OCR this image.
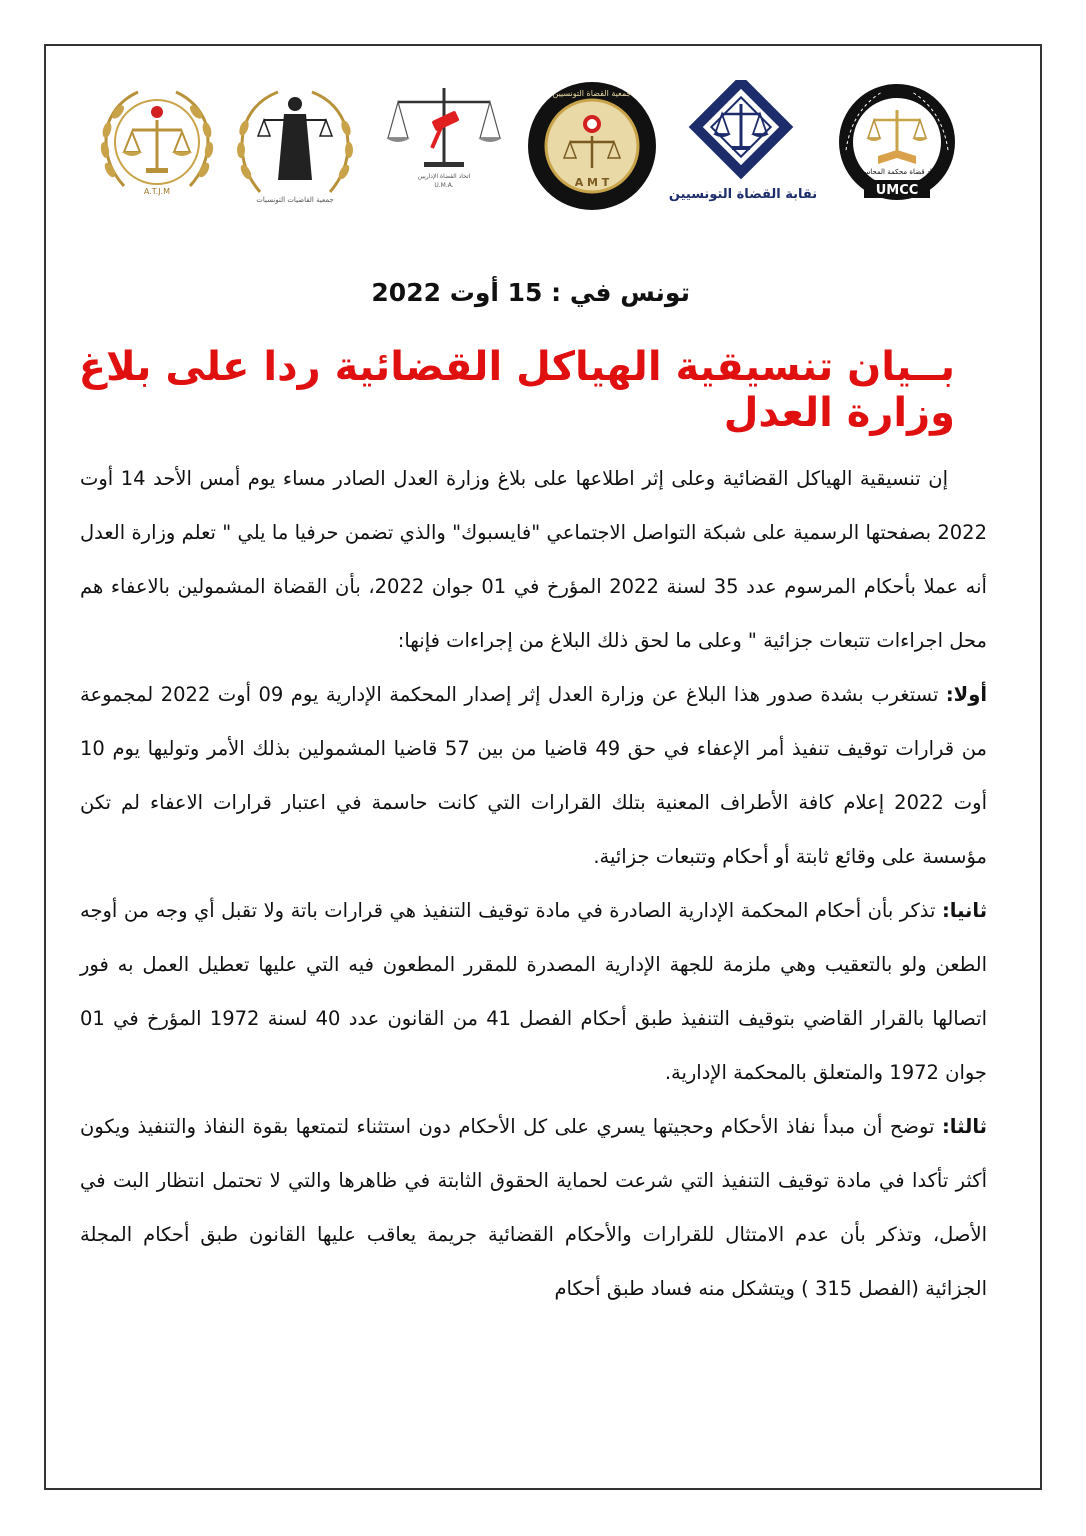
A.T.J.M
جمعية القاضيات التونسيات
اتحاد القضاة الإداريين
U.M.A.
جمعية القضاة التونسيين
A M T
نقابة القضاة التونسيين
اتحاد قضاة محكمة المحاسبات
UMCC
تونس في : 15 أوت 2022
بــيان تنسيقية الهياكل القضائية ردا على بلاغ وزارة العدل

  إن تنسيقية الهياكل القضائية وعلى إثر اطلاعها على بلاغ وزارة العدل الصادر مساء يوم أمس الأحد 14 أوت 2022 بصفحتها الرسمية على شبكة التواصل الاجتماعي "فايسبوك" والذي تضمن حرفيا ما يلي " تعلم وزارة العدل أنه عملا بأحكام المرسوم عدد 35 لسنة 2022 المؤرخ في 01 جوان 2022، بأن القضاة المشمولين بالاعفاء هم محل اجراءات تتبعات جزائية " وعلى ما لحق ذلك البلاغ من إجراءات فإنها:

أولا: تستغرب بشدة صدور هذا البلاغ عن وزارة العدل إثر إصدار المحكمة الإدارية يوم 09 أوت 2022 لمجموعة من قرارات توقيف تنفيذ أمر الإعفاء في حق 49 قاضيا من بين 57 قاضيا المشمولين بذلك الأمر وتوليها يوم 10 أوت 2022 إعلام كافة الأطراف المعنية بتلك القرارات التي كانت حاسمة في اعتبار قرارات الاعفاء لم تكن مؤسسة على وقائع ثابتة أو أحكام وتتبعات جزائية.

ثانيا: تذكر بأن أحكام المحكمة الإدارية الصادرة في مادة توقيف التنفيذ هي قرارات باتة ولا تقبل أي وجه من أوجه الطعن ولو بالتعقيب وهي ملزمة للجهة الإدارية المصدرة للمقرر المطعون فيه التي عليها تعطيل العمل به فور اتصالها بالقرار القاضي بتوقيف التنفيذ طبق أحكام الفصل 41 من القانون عدد 40 لسنة 1972 المؤرخ في 01 جوان 1972 والمتعلق بالمحكمة الإدارية.

ثالثا: توضح أن مبدأ نفاذ الأحكام وحجيتها يسري على كل الأحكام دون استثناء لتمتعها بقوة النفاذ والتنفيذ ويكون أكثر تأكدا في مادة توقيف التنفيذ التي شرعت لحماية الحقوق الثابتة في ظاهرها والتي لا تحتمل انتظار البت في الأصل، وتذكر بأن عدم الامتثال للقرارات والأحكام القضائية جريمة يعاقب عليها القانون طبق أحكام المجلة الجزائية (الفصل 315 ) ويتشكل منه فساد طبق أحكام
